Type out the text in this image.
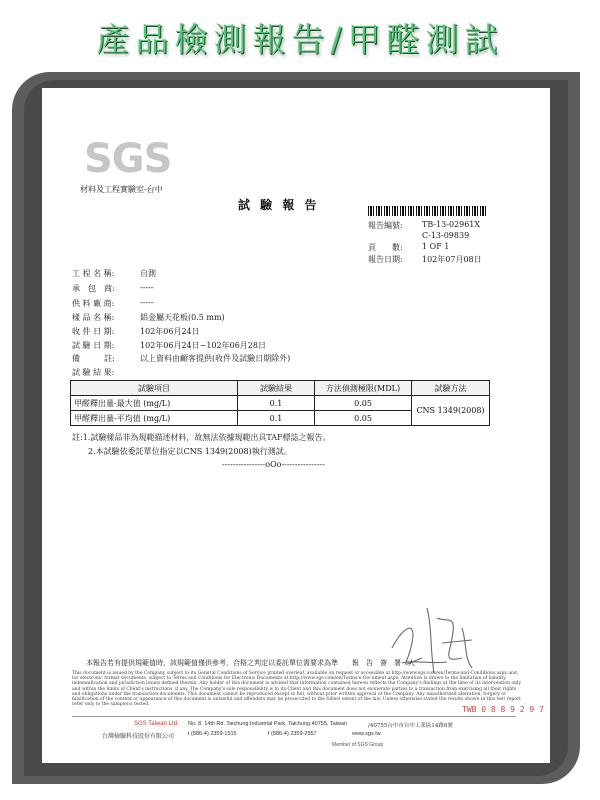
產品檢測報告/甲醛測試
SGS
材料及工程實驗室-台中
試 驗 報 告
報告編號: TB-13-02961X
C-13-09839
頁　　數: 1 OF 1
報告日期: 102年07月08日
工 程 名 稱:	自測
承　包　商:	-----
供 料 廠 商:	-----
樣 品 名 稱:	鋁金屬天花板(0.5 mm)
收 件 日 期:	102年06月24日
試 驗 日 期:	102年06月24日~102年06月28日
備　　　註:	以上資料由顧客提供(收件及試驗日期除外)
試 驗 結 果:
試驗項目	試驗結果	方法偵測極限(MDL)	試驗方法
甲醛釋出量-最大值 (mg/L)	0.1	0.05	CNS 1349(2008)
甲醛釋出量-平均值 (mg/L)	0.1	0.05	
註:1.試驗樣品非為規範描述材料，故無法依據規範出具TAF標誌之報告。
2.本試驗依委託單位指定以CNS 1349(2008)執行測試。
----------------oOo----------------
本報告若有提供規範值時，該規範值僅供參考，合格之判定以委託單位需要求為準　　報　告　簽　署　人
This document is issued by the Company subject to its General Conditions of Service printed overleaf, available on request or accessible at http://www.sgs.com/en/Terms-and-Conditions.aspx and, for electronic format documents, subject to Terms and Conditions for Electronic Documents at http://www.sgs.com/en/Terms-e-Document.aspx. Attention is drawn to the limitation of liability, indemnification and jurisdiction issues defined therein. Any holder of this document is advised that information contained hereon reflects the Company's findings at the time of its intervention only and within the limits of Client's instructions, if any. The Company's sole responsibility is to its Client and this document does not exonerate parties to a transaction from exercising all their rights and obligations under the transaction documents. This document cannot be reproduced except in full, without prior written approval of the Company. Any unauthorized alteration, forgery or falsification of the content or appearance of this document is unlawful and offenders may be prosecuted to the fullest extent of the law. Unless otherwise stated the results shown in this test report refer only to the sample(s) tested.
TWB 0 8 8 9 2 9 7
SGS Taiwan Ltd.
台灣檢驗科技股份有限公司
No. 8, 14th Rd. Taichung Industrial Park, Taichung 40755, Taiwan	/40755台中市台中工業區14路8號
t (886-4) 2359-1515	f (886-4) 2359-2557	www.sgs.tw
Member of SGS Group
